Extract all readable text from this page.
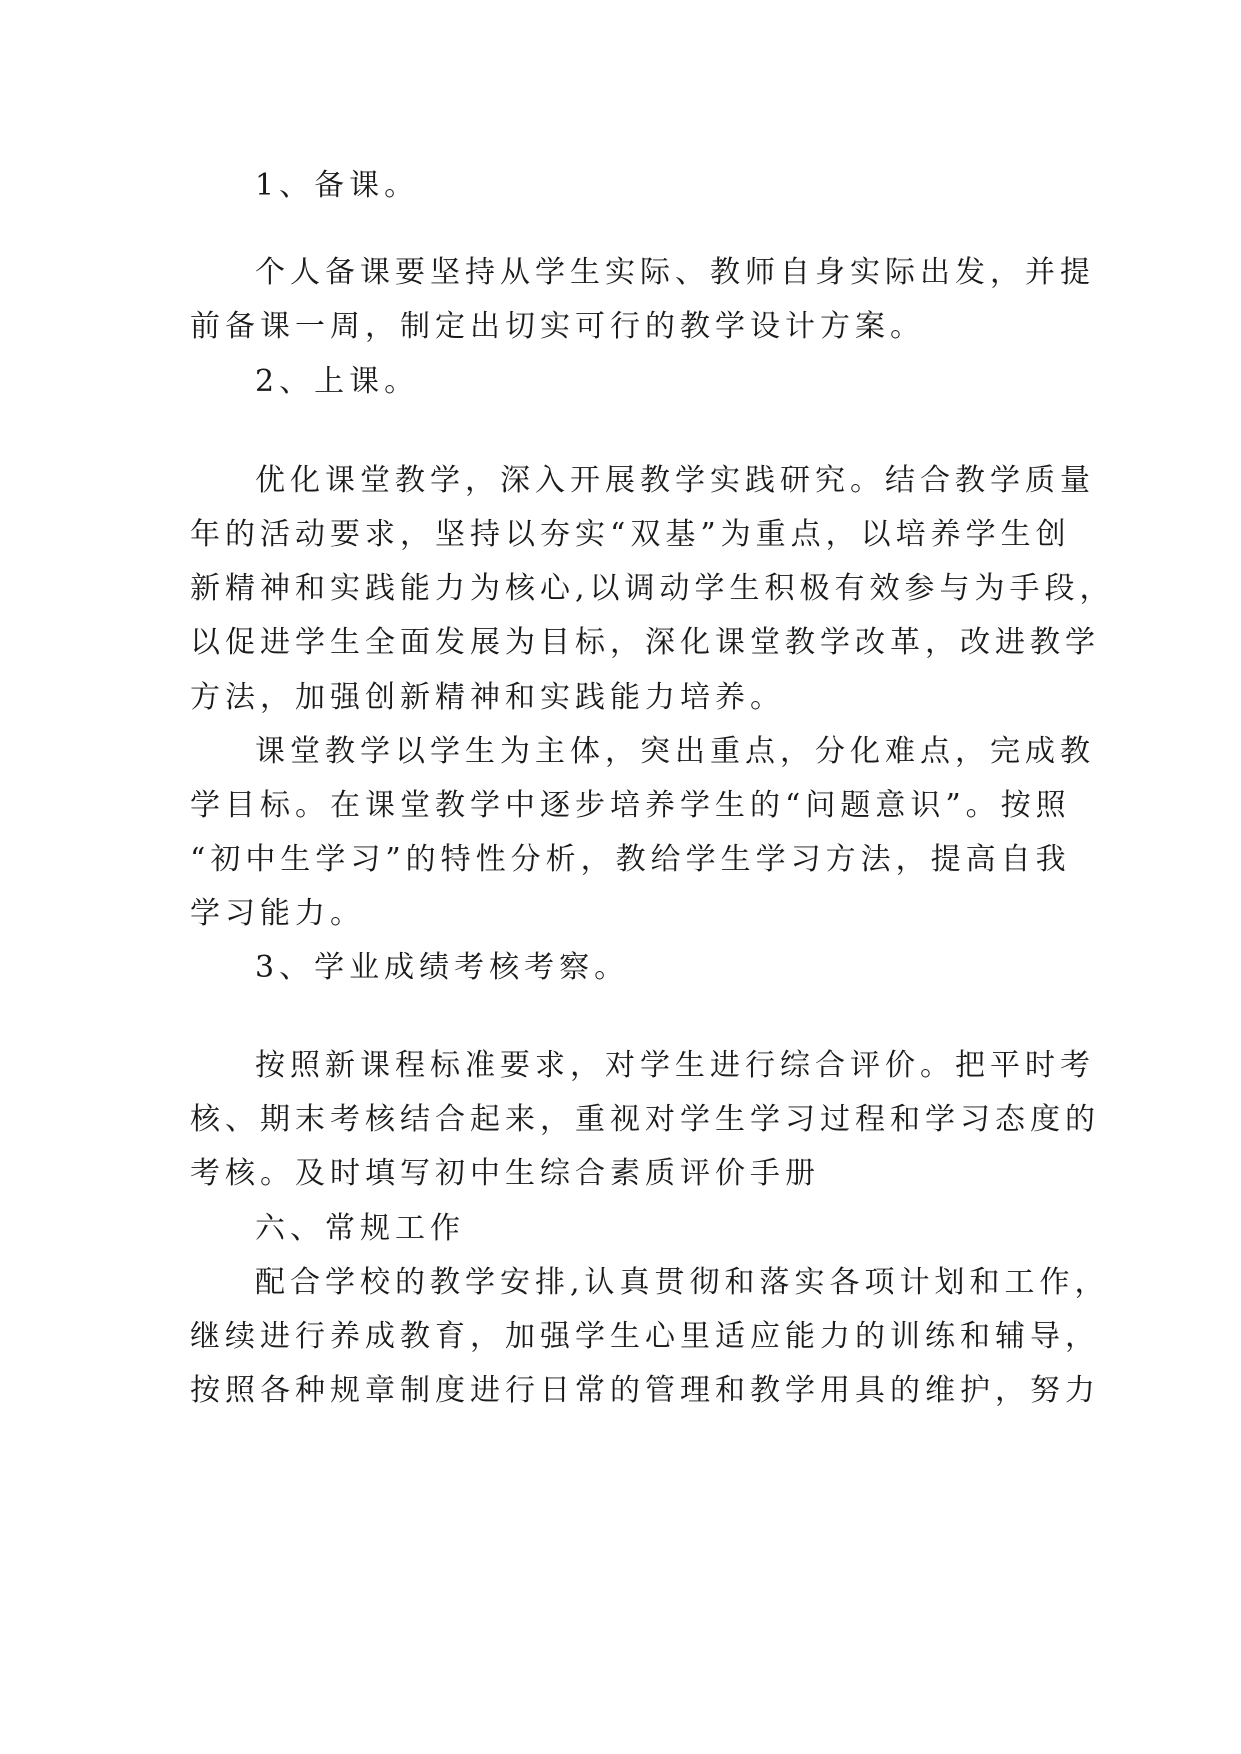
1、备课。
个人备课要坚持从学生实际、教师自身实际出发，并提
前备课一周，制定出切实可行的教学设计方案。
2、上课。
优化课堂教学，深入开展教学实践研究。结合教学质量
年的活动要求，坚持以夯实“双基”为重点，以培养学生创
新精神和实践能力为核心,以调动学生积极有效参与为手段，
以促进学生全面发展为目标，深化课堂教学改革，改进教学
方法，加强创新精神和实践能力培养。
课堂教学以学生为主体，突出重点，分化难点，完成教
学目标。在课堂教学中逐步培养学生的“问题意识”。按照
“初中生学习”的特性分析，教给学生学习方法，提高自我
学习能力。
3、学业成绩考核考察。
按照新课程标准要求，对学生进行综合评价。把平时考
核、期末考核结合起来，重视对学生学习过程和学习态度的
考核。及时填写初中生综合素质评价手册
六、常规工作
配合学校的教学安排,认真贯彻和落实各项计划和工作，
继续进行养成教育，加强学生心里适应能力的训练和辅导，
按照各种规章制度进行日常的管理和教学用具的维护，努力
